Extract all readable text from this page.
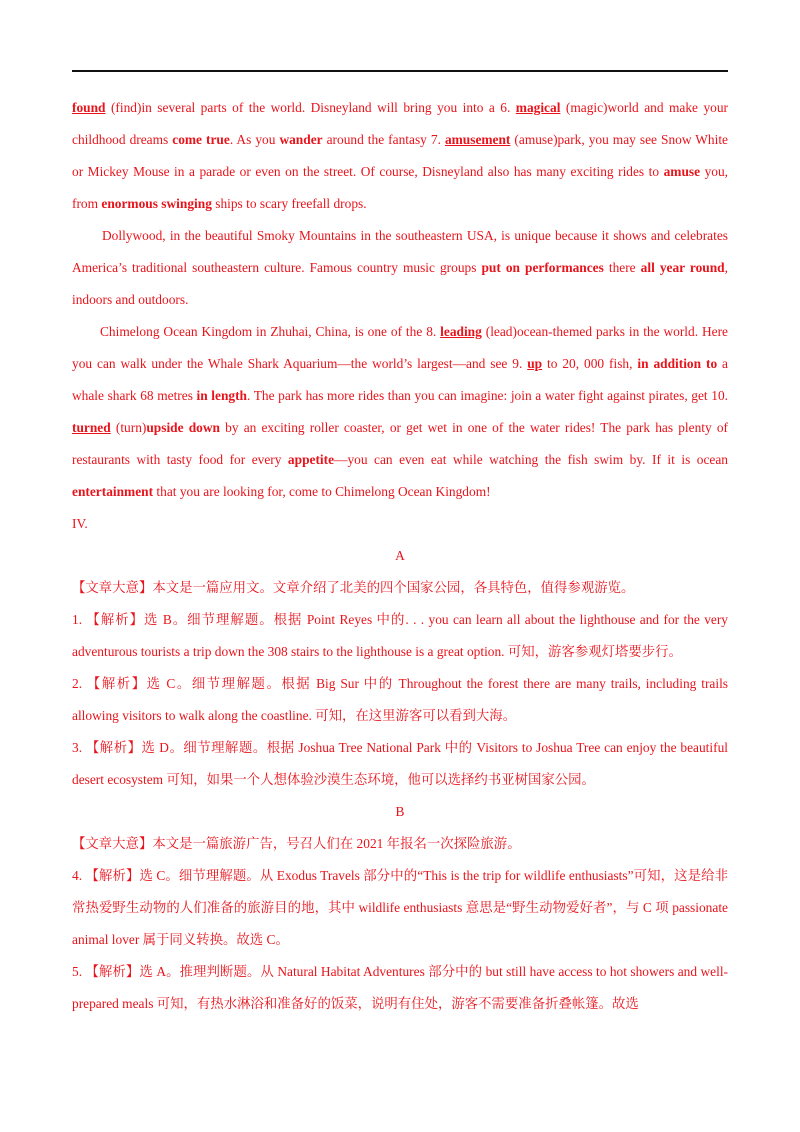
found (find)in several parts of the world. Disneyland will bring you into a 6. magical (magic)world and make your childhood dreams come true. As you wander around the fantasy 7. amusement (amuse)park, you may see Snow White or Mickey Mouse in a parade or even on the street. Of course, Disneyland also has many exciting rides to amuse you, from enormous swinging ships to scary freefall drops.

Dollywood, in the beautiful Smoky Mountains in the southeastern USA, is unique because it shows and celebrates America’s traditional southeastern culture. Famous country music groups put on performances there all year round, indoors and outdoors.

Chimelong Ocean Kingdom in Zhuhai, China, is one of the 8. leading (lead)ocean-themed parks in the world. Here you can walk under the Whale Shark Aquarium—the world’s largest—and see 9. up to 20, 000 fish, in addition to a whale shark 68 metres in length. The park has more rides than you can imagine: join a water fight against pirates, get 10. turned (turn)upside down by an exciting roller coaster, or get wet in one of the water rides! The park has plenty of restaurants with tasty food for every appetite—you can even eat while watching the fish swim by. If it is ocean entertainment that you are looking for, come to Chimelong Ocean Kingdom!

IV.

A

【文章大意】本文是一篇应用文。文章介绍了北美的四个国家公园，各具特色，值得参观游览。

1. 【解析】选 B。细节理解题。根据 Point Reyes 中的. . . you can learn all about the lighthouse and for the very adventurous tourists a trip down the 308 stairs to the lighthouse is a great option. 可知，游客参观灯塔要步行。

2. 【解析】选 C。细节理解题。根据 Big Sur 中的 Throughout the forest there are many trails, including trails allowing visitors to walk along the coastline. 可知，在这里游客可以看到大海。

3. 【解析】选 D。细节理解题。根据 Joshua Tree National Park 中的 Visitors to Joshua Tree can enjoy the beautiful desert ecosystem 可知，如果一个人想体验沙漠生态环境，他可以选择约书亚树国家公园。

B

【文章大意】本文是一篇旅游广告，号召人们在 2021 年报名一次探险旅游。

4. 【解析】选 C。细节理解题。从 Exodus Travels 部分中的“This is the trip for wildlife enthusiasts”可知，这是给非常热爱野生动物的人们准备的旅游目的地，其中 wildlife enthusiasts 意思是“野生动物爱好者”，与 C 项 passionate animal lover 属于同义转换。故选 C。

5. 【解析】选 A。推理判断题。从 Natural Habitat Adventures 部分中的 but still have access to hot showers and well-prepared meals 可知，有热水淋浴和准备好的饭菜，说明有住处，游客不需要准备折叠帐篷。故选
